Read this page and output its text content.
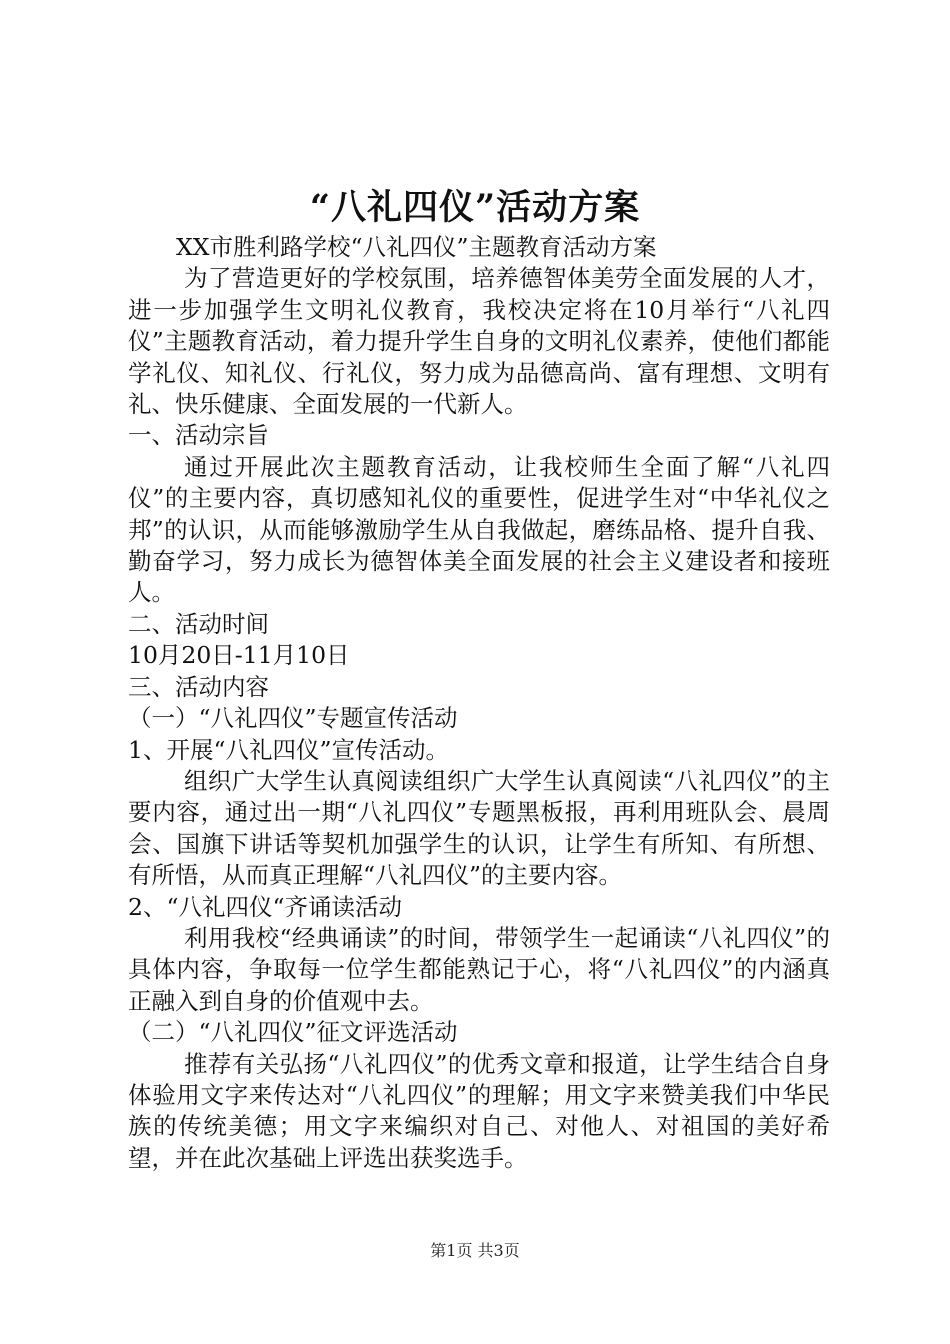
“八礼四仪”活动方案

XX市胜利路学校“八礼四仪”主题教育活动方案

为了营造更好的学校氛围，培养德智体美劳全面发展的人才，进一步加强学生文明礼仪教育，我校决定将在10月举行“八礼四仪”主题教育活动，着力提升学生自身的文明礼仪素养，使他们都能学礼仪、知礼仪、行礼仪，努力成为品德高尚、富有理想、文明有礼、快乐健康、全面发展的一代新人。

一、活动宗旨

通过开展此次主题教育活动，让我校师生全面了解“八礼四仪”的主要内容，真切感知礼仪的重要性，促进学生对“中华礼仪之邦”的认识，从而能够激励学生从自我做起，磨练品格、提升自我、勤奋学习，努力成长为德智体美全面发展的社会主义建设者和接班人。

二、活动时间

10月20日-11月10日

三、活动内容

（一）“八礼四仪”专题宣传活动

1、开展“八礼四仪”宣传活动。

组织广大学生认真阅读组织广大学生认真阅读“八礼四仪”的主要内容，通过出一期“八礼四仪”专题黑板报，再利用班队会、晨周会、国旗下讲话等契机加强学生的认识，让学生有所知、有所想、有所悟，从而真正理解“八礼四仪”的主要内容。

2、“八礼四仪“齐诵读活动

利用我校“经典诵读”的时间，带领学生一起诵读“八礼四仪”的具体内容，争取每一位学生都能熟记于心，将“八礼四仪”的内涵真正融入到自身的价值观中去。

（二）“八礼四仪”征文评选活动

推荐有关弘扬“八礼四仪”的优秀文章和报道，让学生结合自身体验用文字来传达对“八礼四仪”的理解；用文字来赞美我们中华民族的传统美德；用文字来编织对自己、对他人、对祖国的美好希望，并在此次基础上评选出获奖选手。

第1页 共3页
